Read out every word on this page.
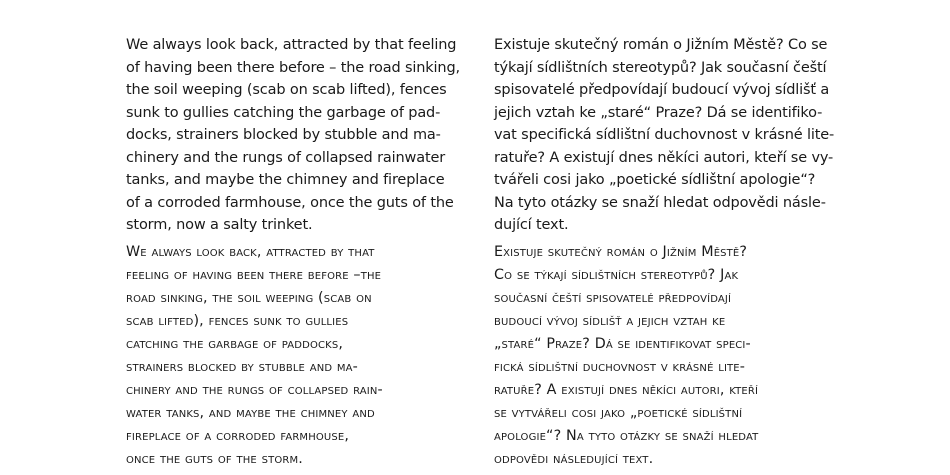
We always look back, attracted by that feeling
of having been there before – the road sinking,
the soil weeping (scab on scab lifted), fences
sunk to gullies catching the garbage of pad-
docks, strainers blocked by stubble and ma-
chinery and the rungs of collapsed rainwater
tanks, and maybe the chimney and fireplace
of a corroded farmhouse, once the guts of the
storm, now a salty trinket.
Existuje skutečný román o Jižním Městě? Co se
týkají sídlištních stereotypů? Jak současní čeští
spisovatelé předpovídají budoucí vývoj sídlišť a
jejich vztah ke „staré“ Praze? Dá se identifiko-
vat specifická sídlištní duchovnost v krásné lite-
ratuře? A existují dnes někíci autori, kteří se vy-
tvářeli cosi jako „poetické sídlištní apologie“?
Na tyto otázky se snaží hledat odpovědi násle-
dující text.
We always look back, attracted by that
feeling of having been there before –the
road sinking, the soil weeping (scab on
scab lifted), fences sunk to gullies
catching the garbage of paddocks,
strainers blocked by stubble and ma-
chinery and the rungs of collapsed rain-
water tanks, and maybe the chimney and
fireplace of a corroded farmhouse,
once the guts of the storm.
Existuje skutečný román o Jižním Městě?
Co se týkají sídlištních stereotypů? Jak
současní čeští spisovatelé předpovídají
budoucí vývoj sídlišť a jejich vztah ke
„staré“ Praze? Dá se identifikovat speci-
fická sídlištní duchovnost v krásné lite-
ratuře? A existují dnes někíci autori, kteří
se vytvářeli cosi jako „poetické sídlištní
apologie“? Na tyto otázky se snaží hledat
odpovědi následující text.
